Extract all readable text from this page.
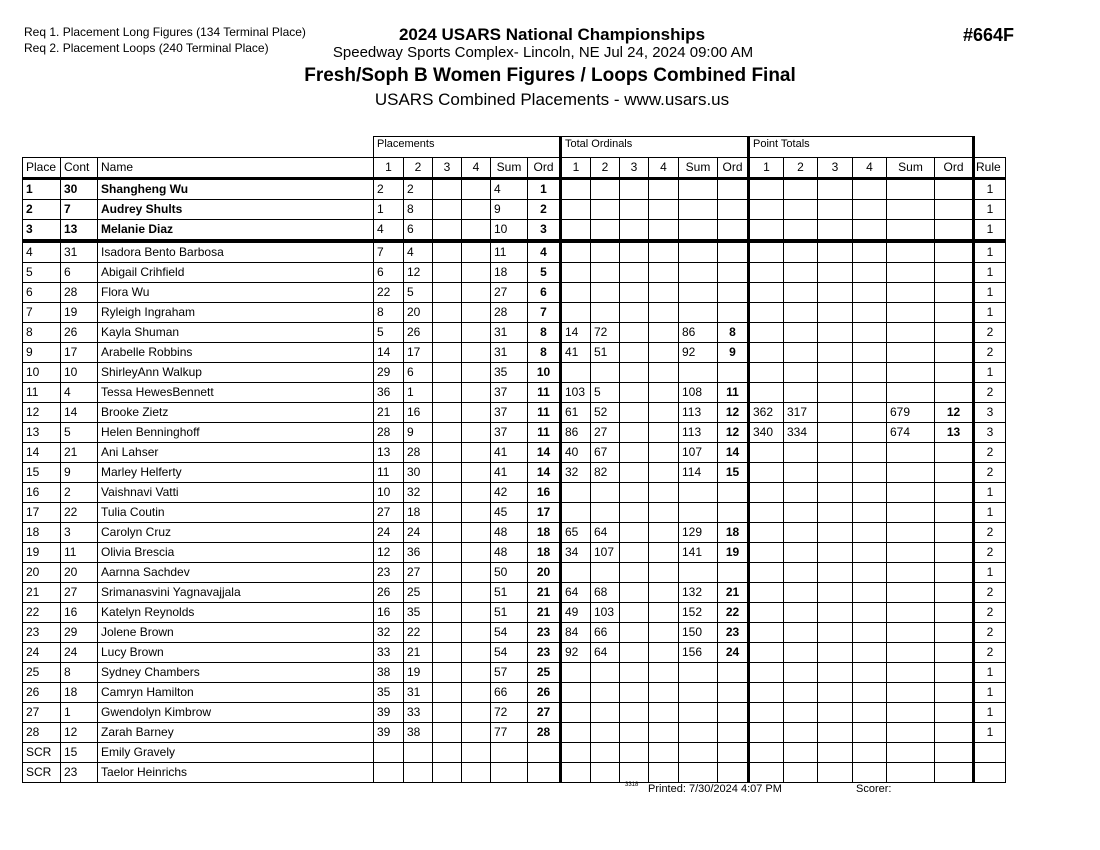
Req 1. Placement Long Figures (134 Terminal Place)
Req 2. Placement Loops (240 Terminal Place)
2024 USARS National Championships
Speedway Sports Complex- Lincoln, NE Jul 24, 2024 09:00 AM
Fresh/Soph B Women Figures / Loops Combined Final
USARS Combined Placements - www.usars.us
#664F
			Placements						Total Ordinals						Point Totals						
Place	Cont	Name	1	2	3	4	Sum	Ord	1	2	3	4	Sum	Ord	1	2	3	4	Sum	Ord	Rule
1	30	Shangheng Wu	2	2			4	1													1
2	7	Audrey Shults	1	8			9	2													1
3	13	Melanie Diaz	4	6			10	3													1
4	31	Isadora Bento Barbosa	7	4			11	4													1
5	6	Abigail Crihfield	6	12			18	5													1
6	28	Flora Wu	22	5			27	6													1
7	19	Ryleigh Ingraham	8	20			28	7													1
8	26	Kayla Shuman	5	26			31	8	14	72			86	8							2
9	17	Arabelle Robbins	14	17			31	8	41	51			92	9							2
10	10	ShirleyAnn Walkup	29	6			35	10													1
11	4	Tessa HewesBennett	36	1			37	11	103	5			108	11							2
12	14	Brooke Zietz	21	16			37	11	61	52			113	12	362	317			679	12	3
13	5	Helen Benninghoff	28	9			37	11	86	27			113	12	340	334			674	13	3
14	21	Ani Lahser	13	28			41	14	40	67			107	14							2
15	9	Marley Helferty	11	30			41	14	32	82			114	15							2
16	2	Vaishnavi Vatti	10	32			42	16													1
17	22	Tulia Coutin	27	18			45	17													1
18	3	Carolyn Cruz	24	24			48	18	65	64			129	18							2
19	11	Olivia Brescia	12	36			48	18	34	107			141	19							2
20	20	Aarnna Sachdev	23	27			50	20													1
21	27	Srimanasvini Yagnavajjala	26	25			51	21	64	68			132	21							2
22	16	Katelyn Reynolds	16	35			51	21	49	103			152	22							2
23	29	Jolene Brown	32	22			54	23	84	66			150	23							2
24	24	Lucy Brown	33	21			54	23	92	64			156	24							2
25	8	Sydney Chambers	38	19			57	25													1
26	18	Camryn Hamilton	35	31			66	26													1
27	1	Gwendolyn Kimbrow	39	33			72	27													1
28	12	Zarah Barney	39	38			77	28													1
SCR	15	Emily Gravely																			
SCR	23	Taelor Heinrichs																			
3318 Printed: 7/30/2024 4:07 PM	Scorer:
